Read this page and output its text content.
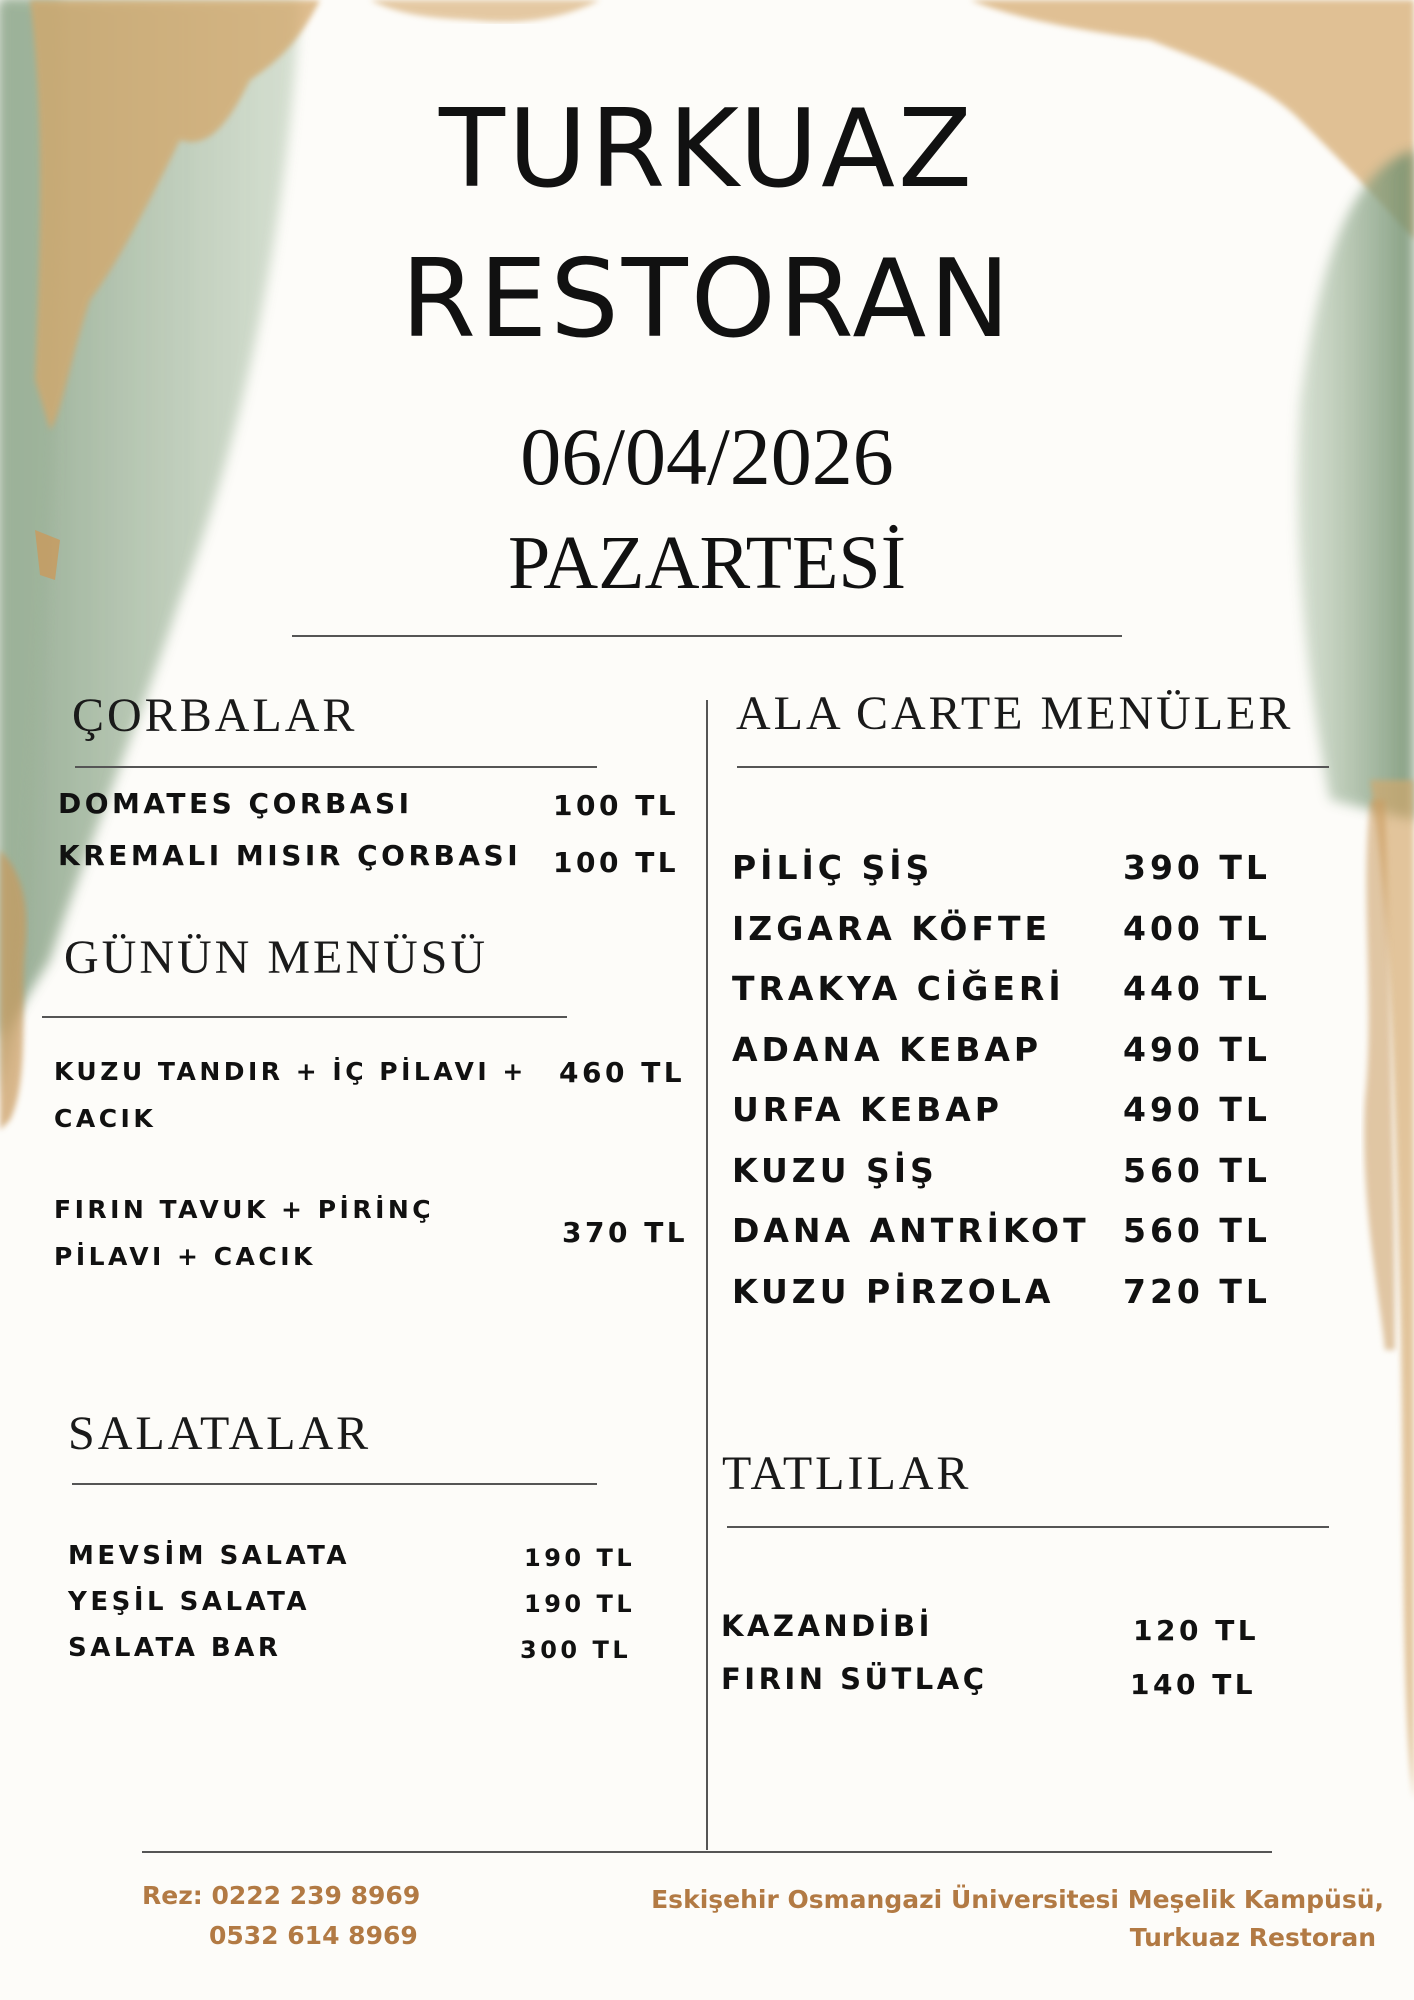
TURKUAZ
RESTORAN
06/04/2026
PAZARTESİ
ÇORBALAR
DOMATES ÇORBASI	100 TL
KREMALI MISIR ÇORBASI 100 TL
GÜNÜN MENÜSÜ
KUZU TANDIR + İÇ PİLAVI +
CACIK
460 TL
FIRIN TAVUK + PİRİNÇ
PİLAVI + CACIK
370 TL
SALATALAR
MEVSİM SALATA	190 TL
YEŞİL SALATA	190 TL
SALATA BAR	300 TL
ALA CARTE MENÜLER
PİLİÇ ŞİŞ	390 TL
IZGARA KÖFTE 400 TL
TRAKYA CİĞERİ 440 TL
ADANA KEBAP 490 TL
URFA KEBAP	490 TL
KUZU ŞİŞ	560 TL
DANA ANTRİKOT 560 TL
KUZU PİRZOLA 720 TL
TATLILAR
KAZANDİBİ	120 TL
FIRIN SÜTLAÇ	140 TL
Rez: 0222 239 8969
0532 614 8969
Eskişehir Osmangazi Üniversitesi Meşelik Kampüsü,
Turkuaz Restoran
